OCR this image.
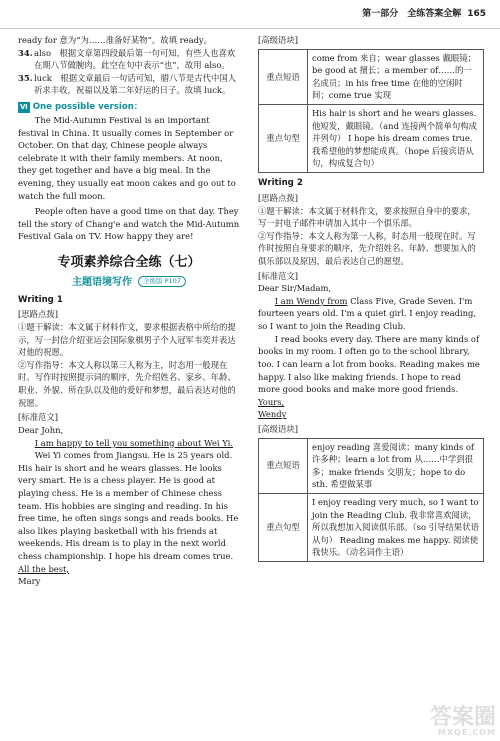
第一部分　全练答案全解 165

ready for 意为“为……准备好某物”。故填 ready。

34. also　根据文章第四段最后第一句可知，有些人也喜欢在期八节做腕肉。此空在句中表示“也”，故用 also。
35. luck　根据文章最后一句话可知，腊八节是古代中国人祈求丰收，祝福以及第二年好运的日子。故填 luck。
Ⅵ One possible version：

The Mid-Autumn Festival is an important festival in China. It usually comes in September or October. On that day, Chinese people always celebrate it with their family members. At noon, they get together and have a big meal. In the evening, they usually eat moon cakes and go out to watch the full moon.

People often have a good time on that day. They tell the story of Chang'e and watch the Mid-Autumn Festival Gala on TV. How happy they are!

专项素养综合全练（七）
主题语境写作 全练版 P107
Writing 1
[思路点拨]

①题干解读：本文属于材料作文，要求根据表格中所给的提示，写一封信介绍亚运会国际象棋男子个人冠军韦奕并表达对他的祝愿。

②写作指导：本文人称以第三人称为主，时态用一般现在时。写作时按照提示词的顺序，先介绍姓名、家乡、年龄、职业、外貌、所在队以及他的爱好和梦想，最后表达对他的祝愿。

[标准范文]

Dear John,

I am happy to tell you something about Wei Yi.

Wei Yi comes from Jiangsu. He is 25 years old. His hair is short and he wears glasses. He looks very smart. He is a chess player. He is good at playing chess. He is a member of Chinese chess team. His hobbies are singing and reading. In his free time, he often sings songs and reads books. He also likes playing basketball with his friends at weekends. His dream is to play in the next world chess championship. I hope his dream comes true.

All the best,

Mary

[高级语块]
重点短语	come from 来自；wear glasses 戴眼镜；be good at 擅长；a member of……的一名成员；in his free time 在他的空闲时间；come true 实现
重点句型	His hair is short and he wears glasses. 他短发，戴眼镜。（and 连接两个简单句构成并列句） I hope his dream comes true. 我希望他的梦想能成真。（hope 后接宾语从句，构成复合句）
Writing 2
[思路点拨]

①题干解读：本文属于材料作文，要求按照自身中的要求，写一封电子邮件申请加入其中一个俱乐部。

②写作指导：本文人称为第一人称，时态用一般现在时。写作时按照自身要求的顺序，先介绍姓名、年龄、想要加入的俱乐部以及原因，最后表达自己的愿望。

[标准范文]

Dear Sir/Madam,

I am Wendy from Class Five, Grade Seven. I'm fourteen years old. I'm a quiet girl. I enjoy reading, so I want to join the Reading Club.

I read books every day. There are many kinds of books in my room. I often go to the school library, too. I can learn a lot from books. Reading makes me happy. I also like making friends. I hope to read more good books and make more good friends.

Yours,

Wendy

[高级语块]
重点短语	enjoy reading 喜爱阅读；many kinds of 许多种；learn a lot from 从……中学到很多；make friends 交朋友；hope to do sth. 希望做某事
重点句型	I enjoy reading very much, so I want to join the Reading Club. 我非常喜欢阅读，所以我想加入阅读俱乐部。（so 引导结果状语从句） Reading makes me happy. 阅读使我快乐。（动名词作主语）
答案圈
MXQE.COM
